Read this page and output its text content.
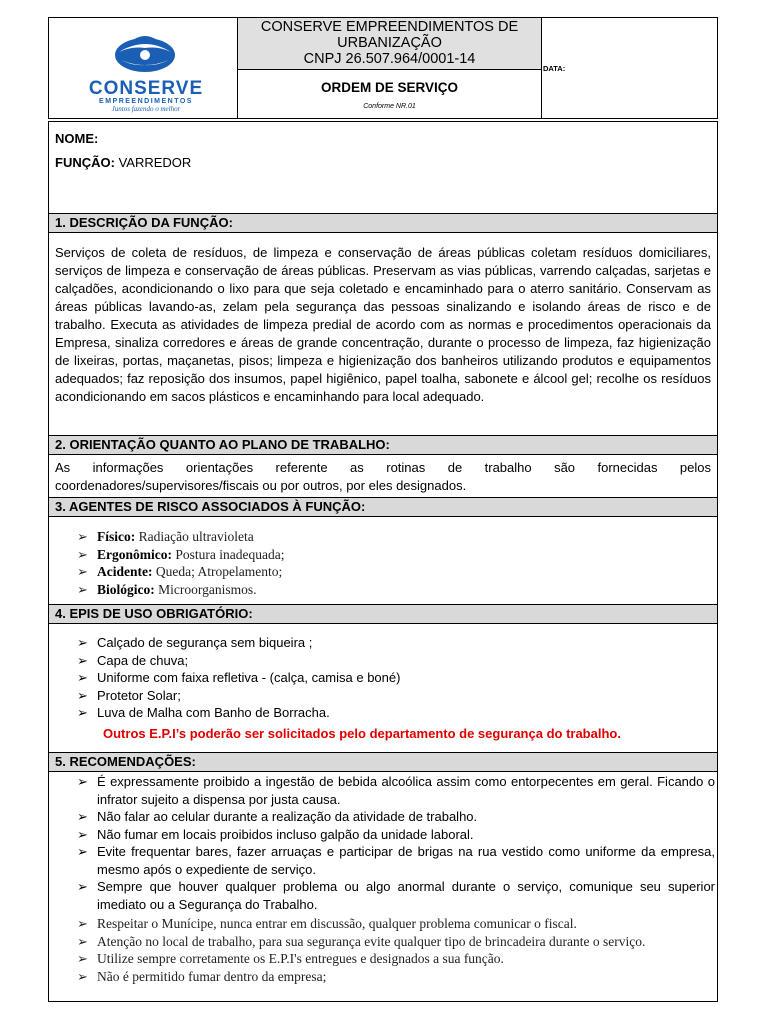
CONSERVE
EMPREENDIMENTOS
Juntos fazendo o melhor
CONSERVE EMPREENDIMENTOS DE
URBANIZAÇÃO
CNPJ 26.507.964/0001-14
ORDEM DE SERVIÇO
Conforme NR.01
DATA:
NOME:
FUNÇÃO: VARREDOR
1. DESCRIÇÃO DA FUNÇÃO:
Serviços de coleta de resíduos, de limpeza e conservação de áreas públicas coletam resíduos domiciliares, serviços de limpeza e conservação de áreas públicas. Preservam as vias públicas, varrendo calçadas, sarjetas e calçadões, acondicionando o lixo para que seja coletado e encaminhado para o aterro sanitário. Conservam as áreas públicas lavando-as, zelam pela segurança das pessoas sinalizando e isolando áreas de risco e de trabalho. Executa as atividades de limpeza predial de acordo com as normas e procedimentos operacionais da Empresa, sinaliza corredores e áreas de grande concentração, durante o processo de limpeza, faz higienização de lixeiras, portas, maçanetas, pisos; limpeza e higienização dos banheiros utilizando produtos e equipamentos adequados; faz reposição dos insumos, papel higiênico, papel toalha, sabonete e álcool gel; recolhe os resíduos acondicionando em sacos plásticos e encaminhando para local adequado.
2. ORIENTAÇÃO QUANTO AO PLANO DE TRABALHO:
As informações orientações referente as rotinas de trabalho são fornecidas pelos coordenadores/supervisores/fiscais ou por outros, por eles designados.
3. AGENTES DE RISCO ASSOCIADOS À FUNÇÃO:
➢ Físico: Radiação ultravioleta
➢ Ergonômico: Postura inadequada;
➢ Acidente: Queda; Atropelamento;
➢ Biológico: Microorganismos.
4. EPIS DE USO OBRIGATÓRIO:
➢ Calçado de segurança sem biqueira ;
➢ Capa de chuva;
➢ Uniforme com faixa refletiva - (calça, camisa e boné)
➢ Protetor Solar;
➢ Luva de Malha com Banho de Borracha.
Outros E.P.I’s poderão ser solicitados pelo departamento de segurança do trabalho.
5. RECOMENDAÇÕES:
➢ É expressamente proibido a ingestão de bebida alcoólica assim como entorpecentes em geral. Ficando o infrator sujeito a dispensa por justa causa.
➢ Não falar ao celular durante a realização da atividade de trabalho.
➢ Não fumar em locais proibidos incluso galpão da unidade laboral.
➢ Evite frequentar bares, fazer arruaças e participar de brigas na rua vestido como uniforme da empresa, mesmo após o expediente de serviço.
➢ Sempre que houver qualquer problema ou algo anormal durante o serviço, comunique seu superior imediato ou a Segurança do Trabalho.
➢ Respeitar o Munícipe, nunca entrar em discussão, qualquer problema comunicar o fiscal.
➢ Atenção no local de trabalho, para sua segurança evite qualquer tipo de brincadeira durante o serviço.
➢ Utilize sempre corretamente os E.P.I's entregues e designados a sua função.
➢ Não é permitido fumar dentro da empresa;
